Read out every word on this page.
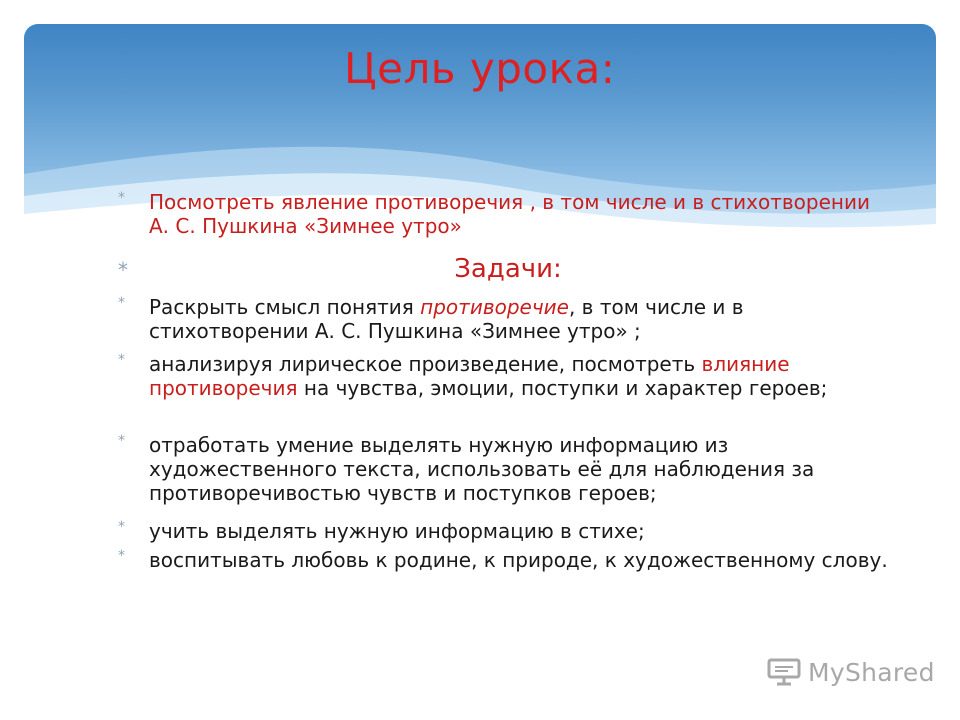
Цель урока:
* Посмотреть явление противоречия , в том числе и в стихотворении А. С. Пушкина «Зимнее утро»
*	Задачи:
* Раскрыть смысл понятия противоречие, в том числе и в стихотворении А. С. Пушкина «Зимнее утро» ;
* анализируя лирическое произведение, посмотреть влияние противоречия на чувства, эмоции, поступки и характер героев;
* отработать умение выделять нужную информацию из художественного текста, использовать её для наблюдения за противоречивостью чувств и поступков героев;
* учить выделять нужную информацию в стихе;
* воспитывать любовь к родине, к природе, к художественному слову.
MyShared
